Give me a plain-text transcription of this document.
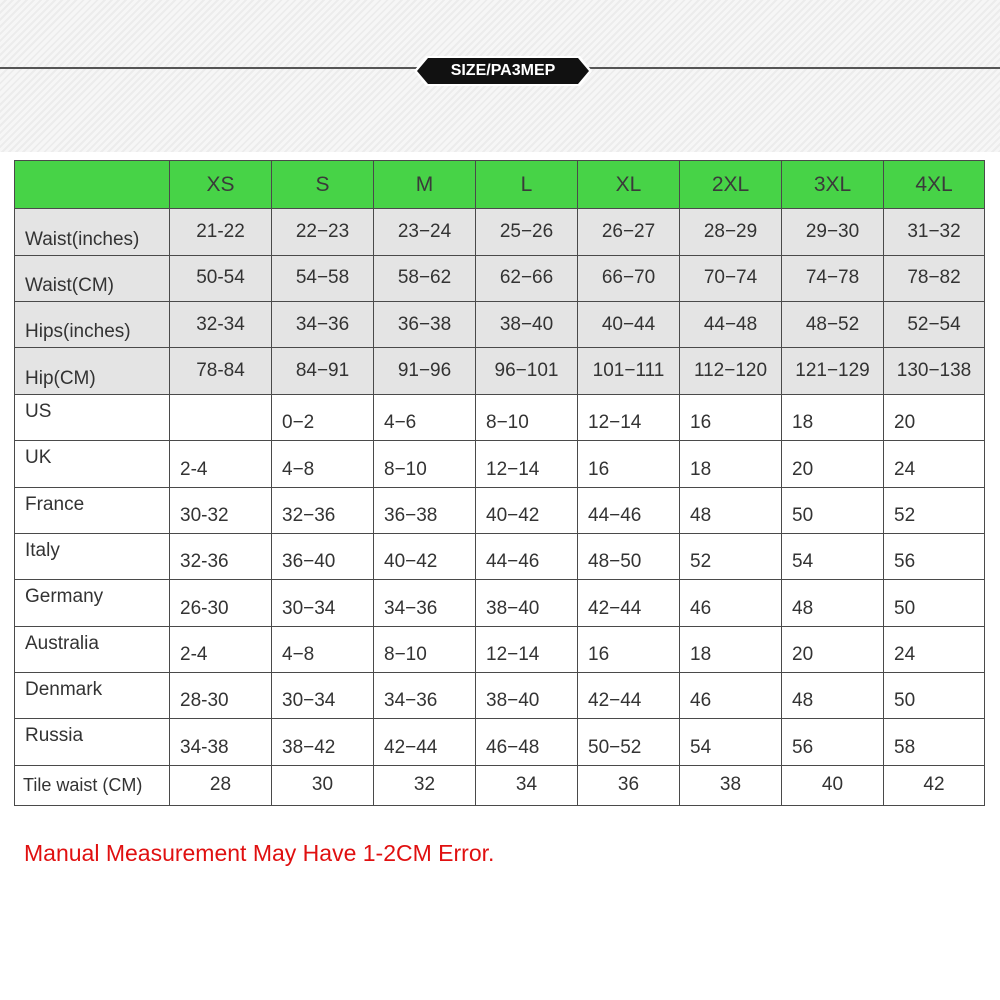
SIZE/PA3MEP
	XS	S	M	L	XL	2XL	3XL	4XL
Waist(inches)	21-22	22−23	23−24	25−26	26−27	28−29	29−30	31−32
Waist(CM)	50-54	54−58	58−62	62−66	66−70	70−74	74−78	78−82
Hips(inches)	32-34	34−36	36−38	38−40	40−44	44−48	48−52	52−54
Hip(CM)	78-84	84−91	91−96	96−101	101−111	112−120	121−129	130−138
US		0−2	4−6	8−10	12−14	16	18	20
UK	2-4	4−8	8−10	12−14	16	18	20	24
France	30-32	32−36	36−38	40−42	44−46	48	50	52
Italy	32-36	36−40	40−42	44−46	48−50	52	54	56
Germany	26-30	30−34	34−36	38−40	42−44	46	48	50
Australia	2-4	4−8	8−10	12−14	16	18	20	24
Denmark	28-30	30−34	34−36	38−40	42−44	46	48	50
Russia	34-38	38−42	42−44	46−48	50−52	54	56	58
Tile waist (CM)	28	30	32	34	36	38	40	42
Manual Measurement May Have 1-2CM Error.
